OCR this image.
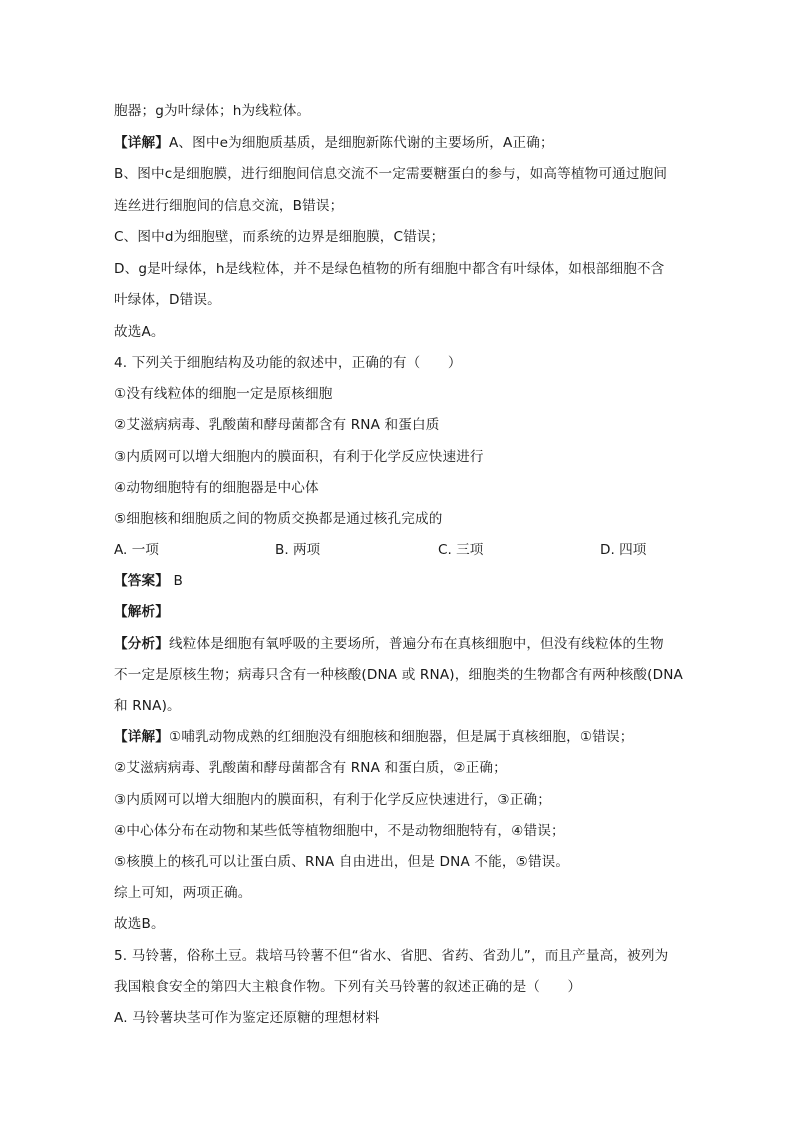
胞器；g为叶绿体；h为线粒体。
【详解】A、图中e为细胞质基质，是细胞新陈代谢的主要场所，A正确；
B、图中c是细胞膜，进行细胞间信息交流不一定需要糖蛋白的参与，如高等植物可通过胞间
连丝进行细胞间的信息交流，B错误；
C、图中d为细胞壁，而系统的边界是细胞膜，C错误；
D、g是叶绿体，h是线粒体，并不是绿色植物的所有细胞中都含有叶绿体，如根部细胞不含
叶绿体，D错误。
故选A。
4. 下列关于细胞结构及功能的叙述中，正确的有（　　）
①没有线粒体的细胞一定是原核细胞
②艾滋病病毒、乳酸菌和酵母菌都含有 RNA 和蛋白质
③内质网可以增大细胞内的膜面积，有利于化学反应快速进行
④动物细胞特有的细胞器是中心体
⑤细胞核和细胞质之间的物质交换都是通过核孔完成的
A. 一项	B. 两项	C. 三项	D. 四项
【答案】 B
【解析】
【分析】线粒体是细胞有氧呼吸的主要场所，普遍分布在真核细胞中，但没有线粒体的生物
不一定是原核生物；病毒只含有一种核酸(DNA 或 RNA)，细胞类的生物都含有两种核酸(DNA
和 RNA)。
【详解】①哺乳动物成熟的红细胞没有细胞核和细胞器，但是属于真核细胞，①错误；
②艾滋病病毒、乳酸菌和酵母菌都含有 RNA 和蛋白质，②正确；
③内质网可以增大细胞内的膜面积，有利于化学反应快速进行，③正确；
④中心体分布在动物和某些低等植物细胞中，不是动物细胞特有，④错误；
⑤核膜上的核孔可以让蛋白质、RNA 自由进出，但是 DNA 不能，⑤错误。
综上可知，两项正确。
故选B。
5. 马铃薯，俗称土豆。栽培马铃薯不但“省水、省肥、省药、省劲儿”，而且产量高，被列为
我国粮食安全的第四大主粮食作物。下列有关马铃薯的叙述正确的是（　　）
A. 马铃薯块茎可作为鉴定还原糖的理想材料
